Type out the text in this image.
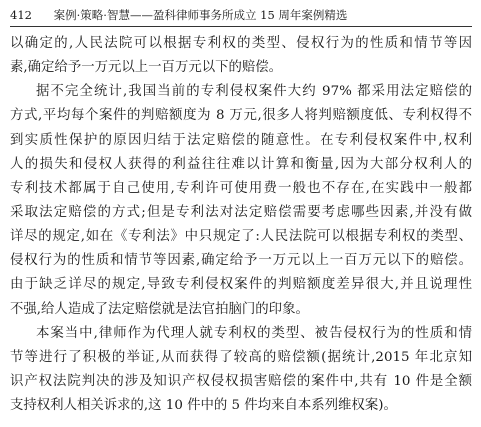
412 案例·策略·智慧——盈科律师事务所成立 15 周年案例精选
以确定的,人民法院可以根据专利权的类型、侵权行为的性质和情节等因
素,确定给予一万元以上一百万元以下的赔偿。
据不完全统计,我国当前的专利侵权案件大约 97% 都采用法定赔偿的
方式,平均每个案件的判赔额度为 8 万元,很多人将判赔额度低、专利权得不
到实质性保护的原因归结于法定赔偿的随意性。在专利侵权案件中,权利
人的损失和侵权人获得的利益往往难以计算和衡量,因为大部分权利人的
专利技术都属于自己使用,专利许可使用费一般也不存在,在实践中一般都
采取法定赔偿的方式;但是专利法对法定赔偿需要考虑哪些因素,并没有做
详尽的规定,如在《专利法》中只规定了:人民法院可以根据专利权的类型、
侵权行为的性质和情节等因素,确定给予一万元以上一百万元以下的赔偿。
由于缺乏详尽的规定,导致专利侵权案件的判赔额度差异很大,并且说理性
不强,给人造成了法定赔偿就是法官拍脑门的印象。
本案当中,律师作为代理人就专利权的类型、被告侵权行为的性质和情
节等进行了积极的举证,从而获得了较高的赔偿额(据统计,2015 年北京知
识产权法院判决的涉及知识产权侵权损害赔偿的案件中,共有 10 件是全额
支持权利人相关诉求的,这 10 件中的 5 件均来自本系列维权案)。
